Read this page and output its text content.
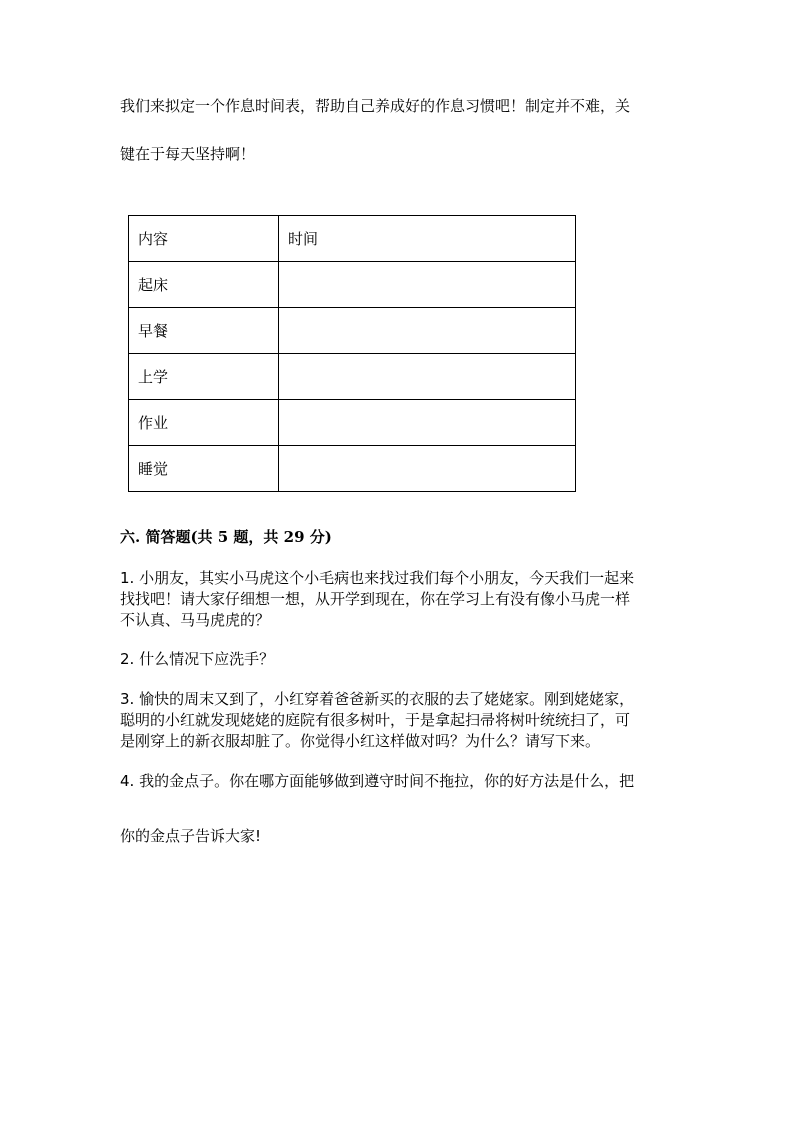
我们来拟定一个作息时间表，帮助自己养成好的作息习惯吧！制定并不难，关
键在于每天坚持啊！
内容	时间
起床	
早餐	
上学	
作业	
睡觉	
六. 简答题(共 5 题，共 29 分)
1. 小朋友，其实小马虎这个小毛病也来找过我们每个小朋友，今天我们一起来
找找吧！请大家仔细想一想，从开学到现在，你在学习上有没有像小马虎一样
不认真、马马虎虎的？
2. 什么情况下应洗手？
3. 愉快的周末又到了，小红穿着爸爸新买的衣服的去了姥姥家。刚到姥姥家，
聪明的小红就发现姥姥的庭院有很多树叶，于是拿起扫帚将树叶统统扫了，可
是刚穿上的新衣服却脏了。你觉得小红这样做对吗？为什么？请写下来。
4. 我的金点子。你在哪方面能够做到遵守时间不拖拉，你的好方法是什么，把
你的金点子告诉大家!
